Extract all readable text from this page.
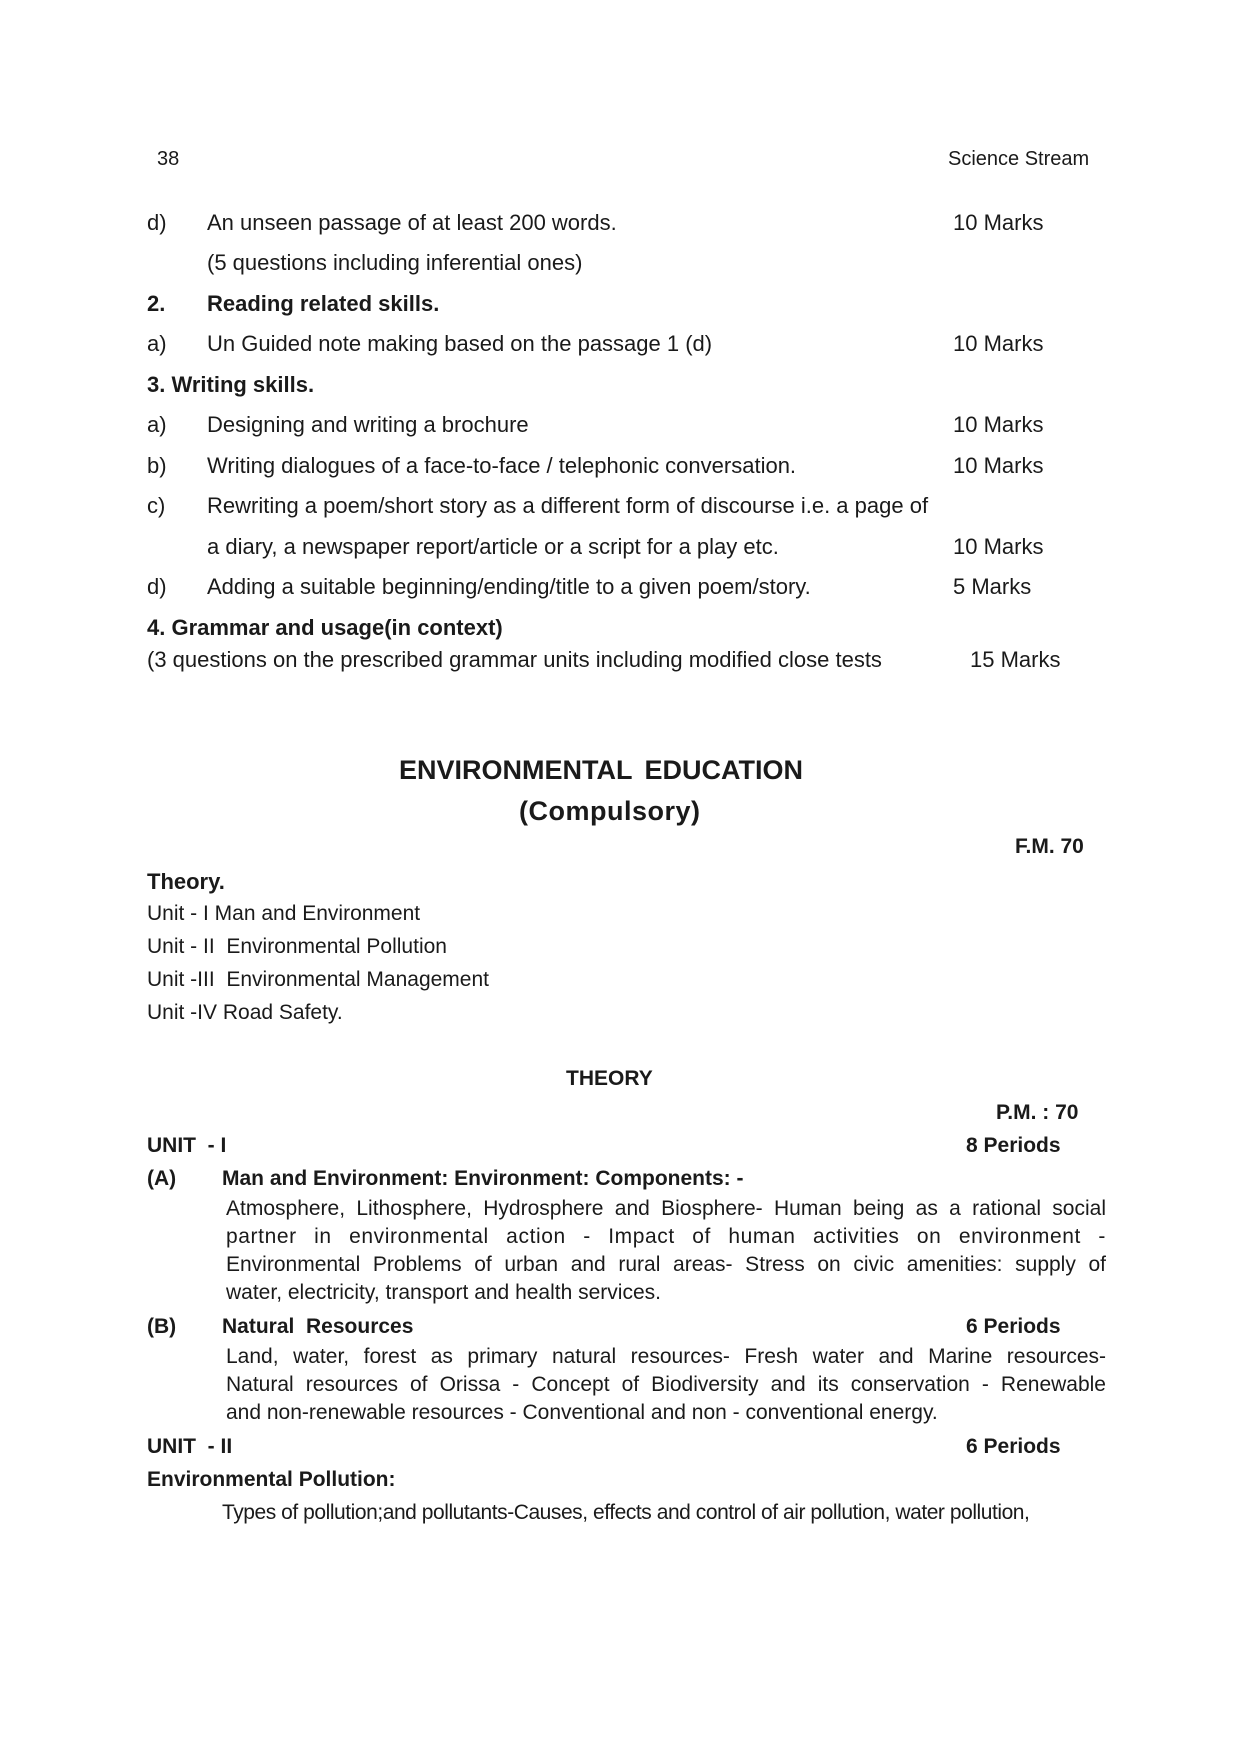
38	Science Stream
d) An unseen passage of at least 200 words.	10 Marks
(5 questions including inferential ones)
2. Reading related skills.
a) Un Guided note making based on the passage 1 (d)	10 Marks
3. Writing skills.
a) Designing and writing a brochure	10 Marks
b) Writing dialogues of a face-to-face / telephonic conversation.	10 Marks
c) Rewriting a poem/short story as a different form of discourse i.e. a page of
a diary, a newspaper report/article or a script for a play etc.	10 Marks
d) Adding a suitable beginning/ending/title to a given poem/story.	5 Marks
4. Grammar and usage(in context)
(3 questions on the prescribed grammar units including modified close tests	15 Marks
ENVIRONMENTAL EDUCATION
(Compulsory)
F.M. 70
Theory.
Unit - I Man and Environment
Unit - II  Environmental Pollution
Unit -III  Environmental Management
Unit -IV Road Safety.
THEORY
P.M. : 70
UNIT  - I	8 Periods
(A) Man and Environment: Environment: Components: -
Atmosphere, Lithosphere, Hydrosphere and Biosphere- Human being as a rational social
partner in environmental action - Impact of human activities on environment -
Environmental Problems of urban and rural areas- Stress on civic amenities: supply of
water, electricity, transport and health services.
(B) Natural  Resources	6 Periods
Land, water, forest as primary natural resources- Fresh water and Marine resources-
Natural resources of Orissa - Concept of Biodiversity and its conservation - Renewable
and non-renewable resources - Conventional and non - conventional energy.
UNIT  - II	6 Periods
Environmental Pollution:
Types of pollution;and pollutants-Causes, effects and control of air pollution, water pollution,
